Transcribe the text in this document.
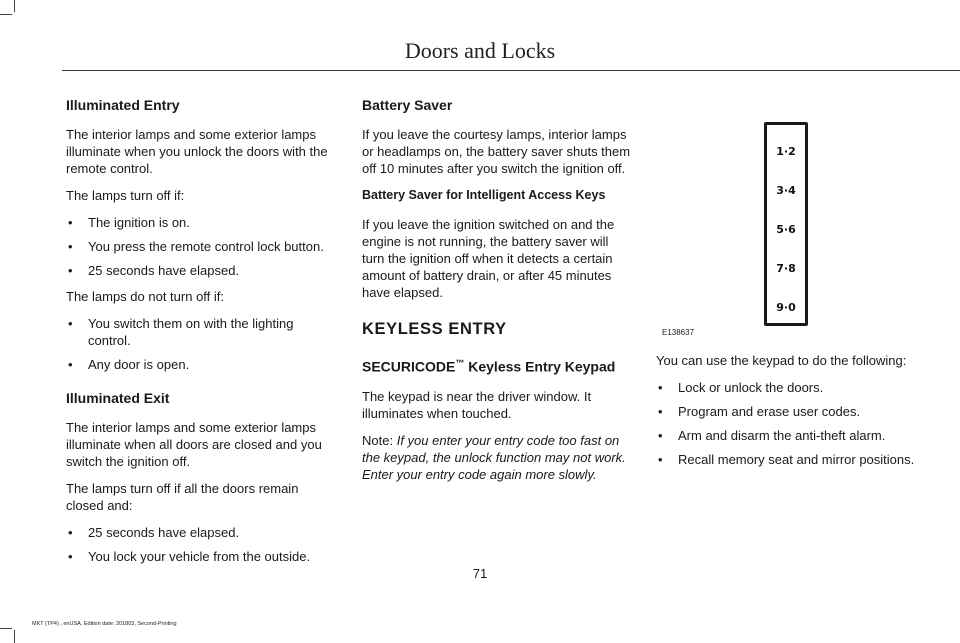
Doors and Locks
Illuminated Entry

The interior lamps and some exterior lamps illuminate when you unlock the doors with the remote control.

The lamps turn off if:

• The ignition is on.
• You press the remote control lock button.
• 25 seconds have elapsed.

The lamps do not turn off if:

• You switch them on with the lighting control.
• Any door is open.
Illuminated Exit

The interior lamps and some exterior lamps illuminate when all doors are closed and you switch the ignition off.

The lamps turn off if all the doors remain closed and:

• 25 seconds have elapsed.
• You lock your vehicle from the outside.
Battery Saver

If you leave the courtesy lamps, interior lamps or headlamps on, the battery saver shuts them off 10 minutes after you switch the ignition off.

Battery Saver for Intelligent Access Keys

If you leave the ignition switched on and the engine is not running, the battery saver will turn the ignition off when it detects a certain amount of battery drain, or after 45 minutes have elapsed.

KEYLESS ENTRY
SECURICODE™ Keyless Entry Keypad

The keypad is near the driver window. It illuminates when touched.

Note: If you enter your entry code too fast on the keypad, the unlock function may not work. Enter your entry code again more slowly.

1·2
3·4
5·6
7·8
9·0
E138637

You can use the keypad to do the following:

• Lock or unlock the doors.
• Program and erase user codes.
• Arm and disarm the anti-theft alarm.
• Recall memory seat and mirror positions.
71
MKT (TP4) , enUSA, Edition date: 201803, Second-Printing
